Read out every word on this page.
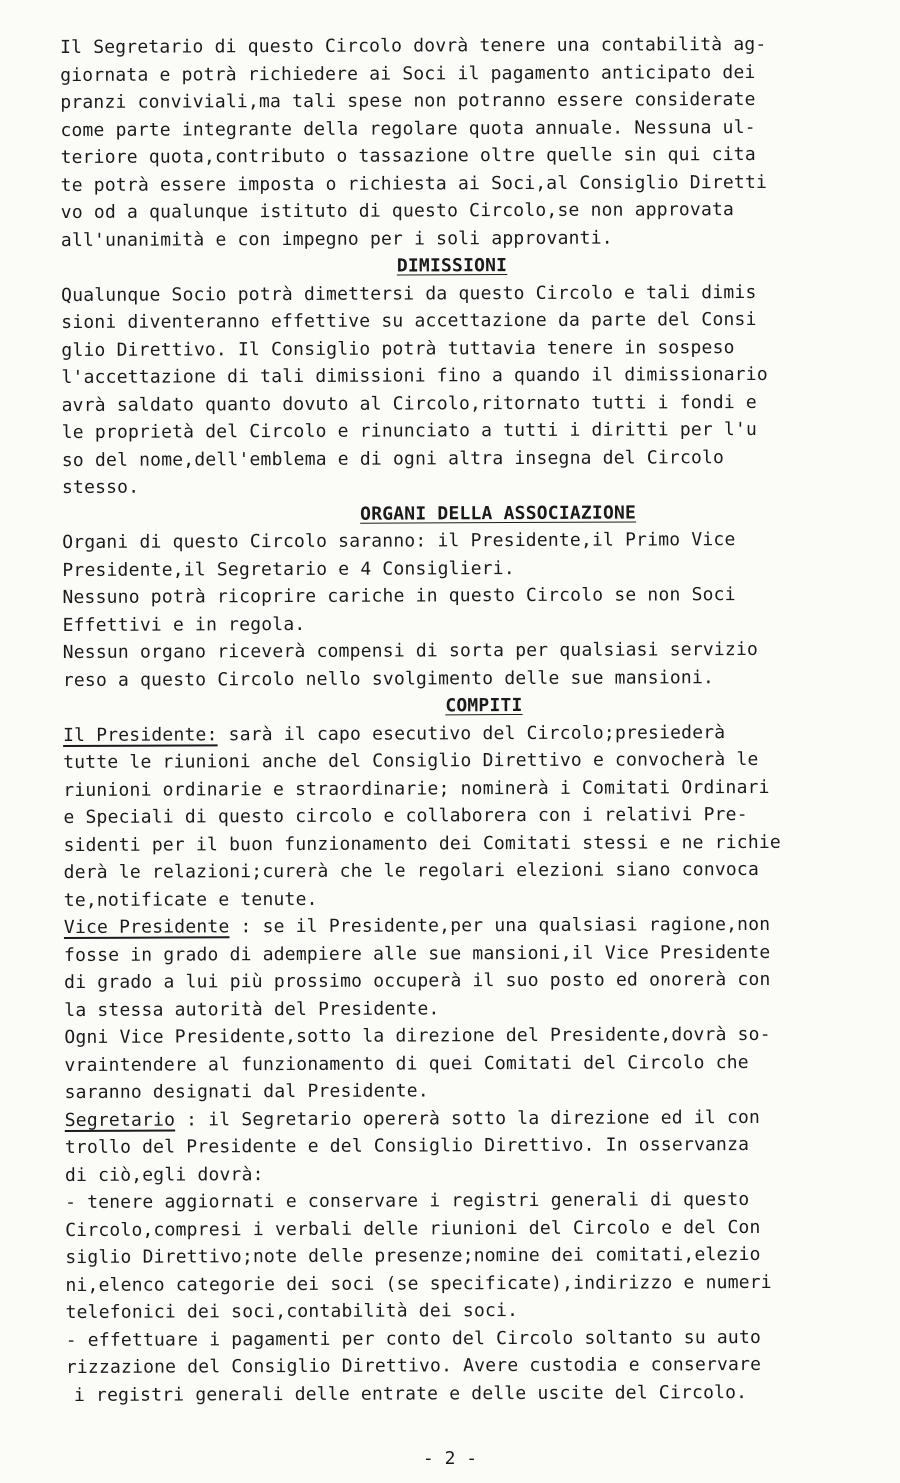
Il Segretario di questo Circolo dovrà tenere una contabilità ag-
giornata e potrà richiedere ai Soci il pagamento anticipato dei
pranzi conviviali,ma tali spese non potranno essere considerate
come parte integrante della regolare quota annuale. Nessuna ul-
teriore quota,contributo o tassazione oltre quelle sin qui cita
te potrà essere imposta o richiesta ai Soci,al Consiglio Diretti
vo od a qualunque istituto di questo Circolo,se non approvata
all'unanimità e con impegno per i soli approvanti.
DIMISSIONI
Qualunque Socio potrà dimettersi da questo Circolo e tali dimis
sioni diventeranno effettive su accettazione da parte del Consi
glio Direttivo. Il Consiglio potrà tuttavia tenere in sospeso
l'accettazione di tali dimissioni fino a quando il dimissionario
avrà saldato quanto dovuto al Circolo,ritornato tutti i fondi e
le proprietà del Circolo e rinunciato a tutti i diritti per l'u
so del nome,dell'emblema e di ogni altra insegna del Circolo
stesso.
ORGANI DELLA ASSOCIAZIONE
Organi di questo Circolo saranno: il Presidente,il Primo Vice
Presidente,il Segretario e 4 Consiglieri.
Nessuno potrà ricoprire cariche in questo Circolo se non Soci
Effettivi e in regola.
Nessun organo riceverà compensi di sorta per qualsiasi servizio
reso a questo Circolo nello svolgimento delle sue mansioni.
COMPITI
Il Presidente: sarà il capo esecutivo del Circolo;presiederà
tutte le riunioni anche del Consiglio Direttivo e convocherà le
riunioni ordinarie e straordinarie; nominerà i Comitati Ordinari
e Speciali di questo circolo e collaborera con i relativi Pre-
sidenti per il buon funzionamento dei Comitati stessi e ne richie
derà le relazioni;curerà che le regolari elezioni siano convoca
te,notificate e tenute.
Vice Presidente : se il Presidente,per una qualsiasi ragione,non
fosse in grado di adempiere alle sue mansioni,il Vice Presidente
di grado a lui più prossimo occuperà il suo posto ed onorerà con
la stessa autorità del Presidente.
Ogni Vice Presidente,sotto la direzione del Presidente,dovrà so-
vraintendere al funzionamento di quei Comitati del Circolo che
saranno designati dal Presidente.
Segretario : il Segretario opererà sotto la direzione ed il con
trollo del Presidente e del Consiglio Direttivo. In osservanza
di ciò,egli dovrà:
- tenere aggiornati e conservare i registri generali di questo
Circolo,compresi i verbali delle riunioni del Circolo e del Con
siglio Direttivo;note delle presenze;nomine dei comitati,elezio
ni,elenco categorie dei soci (se specificate),indirizzo e numeri
telefonici dei soci,contabilità dei soci.
- effettuare i pagamenti per conto del Circolo soltanto su auto
rizzazione del Consiglio Direttivo. Avere custodia e conservare
i registri generali delle entrate e delle uscite del Circolo.
- 2 -
